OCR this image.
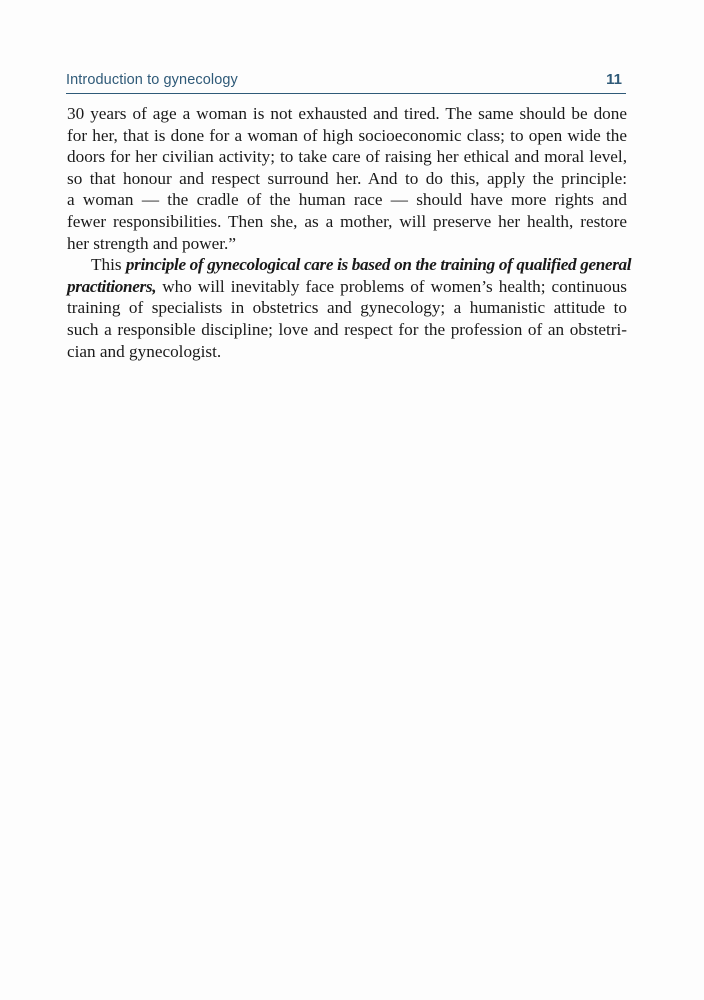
Introduction to gynecology	11
30 years of age a woman is not exhausted and tired. The same should be done
for her, that is done for a woman of high socioeconomic class; to open wide the
doors for her civilian activity; to take care of raising her ethical and moral level,
so that honour and respect surround her. And to do this, apply the principle:
a woman — the cradle of the human race — should have more rights and
fewer responsibilities. Then she, as a mother, will preserve her health, restore
her strength and power.”
This principle of gynecological care is based on the training of qualified general
practitioners, who will inevitably face problems of women’s health; continuous
training of specialists in obstetrics and gynecology; a humanistic attitude to
such a responsible discipline; love and respect for the profession of an obstetri-
cian and gynecologist.
